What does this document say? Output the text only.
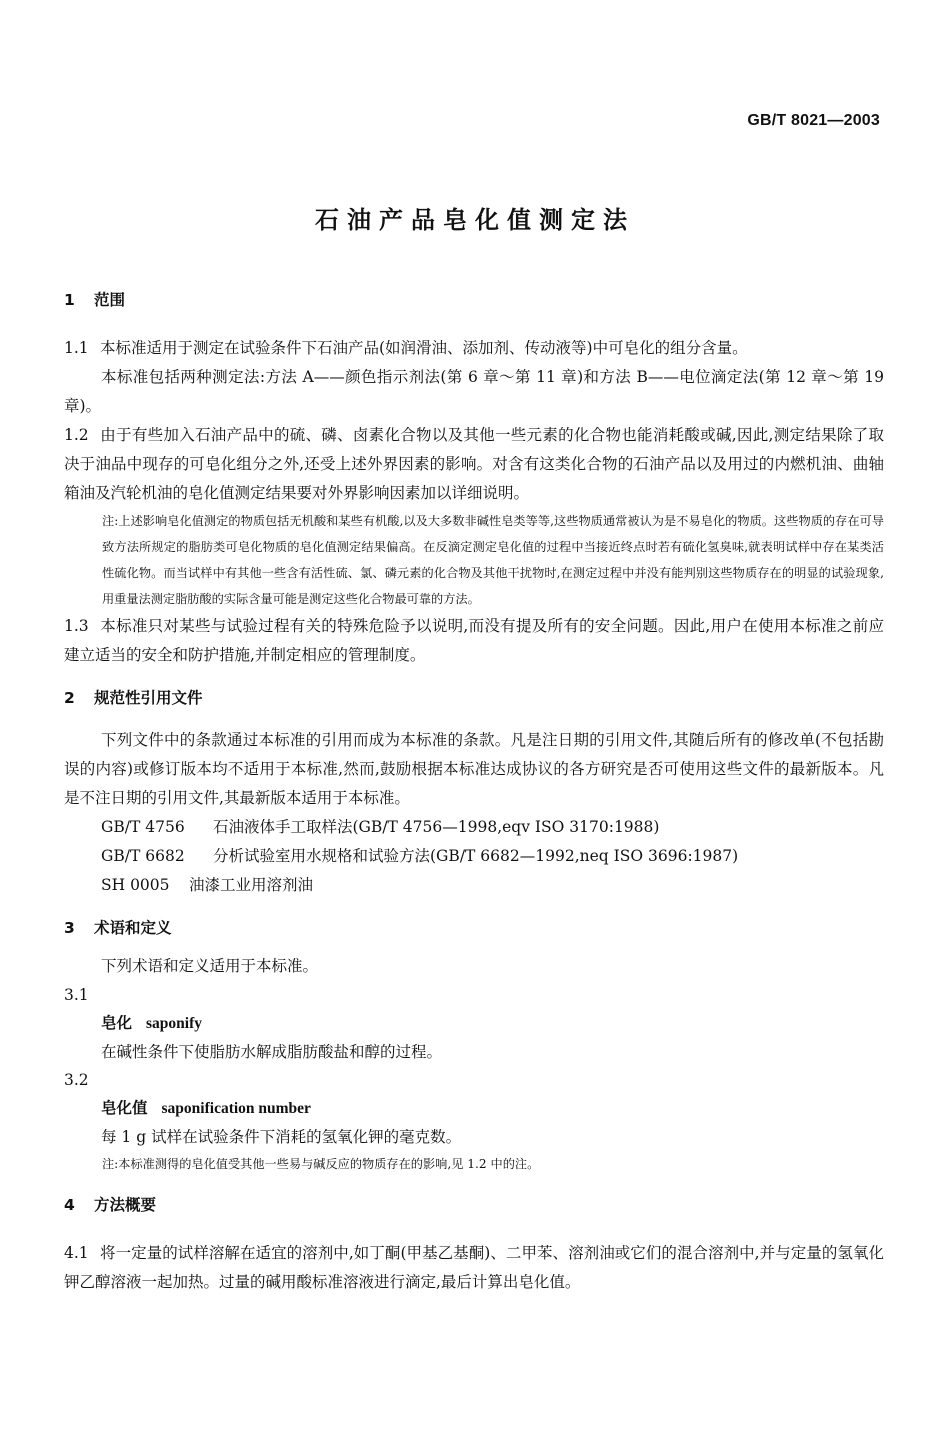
GB/T 8021—2003
石油产品皂化值测定法
1 范围
1.1 本标准适用于测定在试验条件下石油产品(如润滑油、添加剂、传动液等)中可皂化的组分含量。
本标准包括两种测定法:方法 A——颜色指示剂法(第 6 章～第 11 章)和方法 B——电位滴定法(第 12 章～第 19 章)。
1.2 由于有些加入石油产品中的硫、磷、卤素化合物以及其他一些元素的化合物也能消耗酸或碱,因此,测定结果除了取决于油品中现存的可皂化组分之外,还受上述外界因素的影响。对含有这类化合物的石油产品以及用过的内燃机油、曲轴箱油及汽轮机油的皂化值测定结果要对外界影响因素加以详细说明。
注:上述影响皂化值测定的物质包括无机酸和某些有机酸,以及大多数非碱性皂类等等,这些物质通常被认为是不易皂化的物质。这些物质的存在可导致方法所规定的脂肪类可皂化物质的皂化值测定结果偏高。在反滴定测定皂化值的过程中当接近终点时若有硫化氢臭味,就表明试样中存在某类活性硫化物。而当试样中有其他一些含有活性硫、氯、磷元素的化合物及其他干扰物时,在测定过程中并没有能判别这些物质存在的明显的试验现象,用重量法测定脂肪酸的实际含量可能是测定这些化合物最可靠的方法。
1.3 本标准只对某些与试验过程有关的特殊危险予以说明,而没有提及所有的安全问题。因此,用户在使用本标准之前应建立适当的安全和防护措施,并制定相应的管理制度。
2 规范性引用文件
下列文件中的条款通过本标准的引用而成为本标准的条款。凡是注日期的引用文件,其随后所有的修改单(不包括勘误的内容)或修订版本均不适用于本标准,然而,鼓励根据本标准达成协议的各方研究是否可使用这些文件的最新版本。凡是不注日期的引用文件,其最新版本适用于本标准。
GB/T 4756 石油液体手工取样法(GB/T 4756—1998,eqv ISO 3170:1988)
GB/T 6682 分析试验室用水规格和试验方法(GB/T 6682—1992,neq ISO 3696:1987)
SH 0005 油漆工业用溶剂油
3 术语和定义
下列术语和定义适用于本标准。
3.1
皂化 saponify
在碱性条件下使脂肪水解成脂肪酸盐和醇的过程。
3.2
皂化值 saponification number
每 1 g 试样在试验条件下消耗的氢氧化钾的毫克数。
注:本标准测得的皂化值受其他一些易与碱反应的物质存在的影响,见 1.2 中的注。
4 方法概要
4.1 将一定量的试样溶解在适宜的溶剂中,如丁酮(甲基乙基酮)、二甲苯、溶剂油或它们的混合溶剂中,并与定量的氢氧化钾乙醇溶液一起加热。过量的碱用酸标准溶液进行滴定,最后计算出皂化值。
